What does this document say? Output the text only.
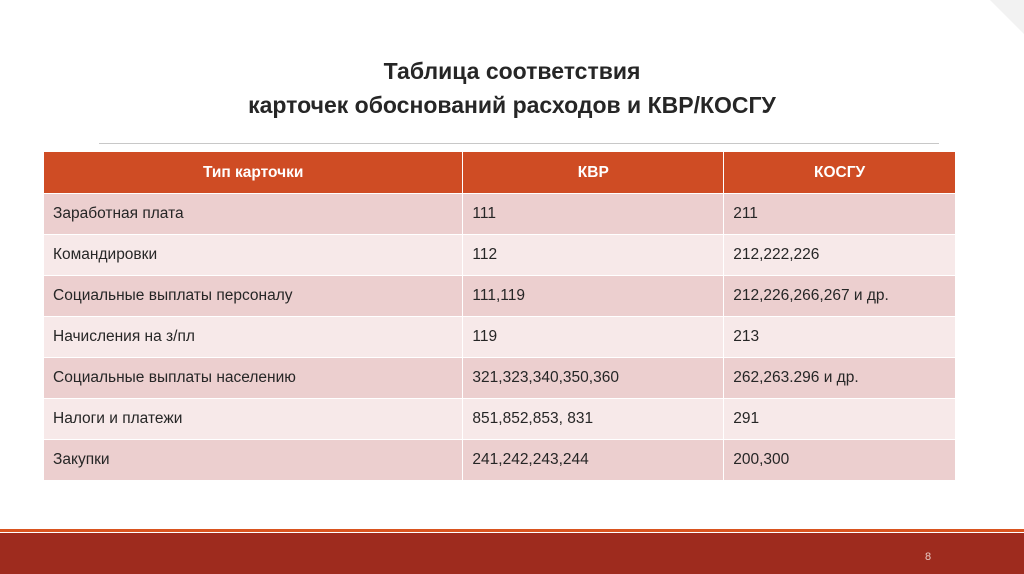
Таблица соответствия
карточек обоснований расходов и КВР/КОСГУ
Тип карточки	КВР	КОСГУ
Заработная плата	111	211
Командировки	112	212,222,226
Социальные выплаты персоналу	111,119	212,226,266,267 и др.
Начисления на з/пл	119	213
Социальные выплаты населению	321,323,340,350,360	262,263.296 и др.
Налоги и платежи	851,852,853, 831	291
Закупки	241,242,243,244	200,300
8
